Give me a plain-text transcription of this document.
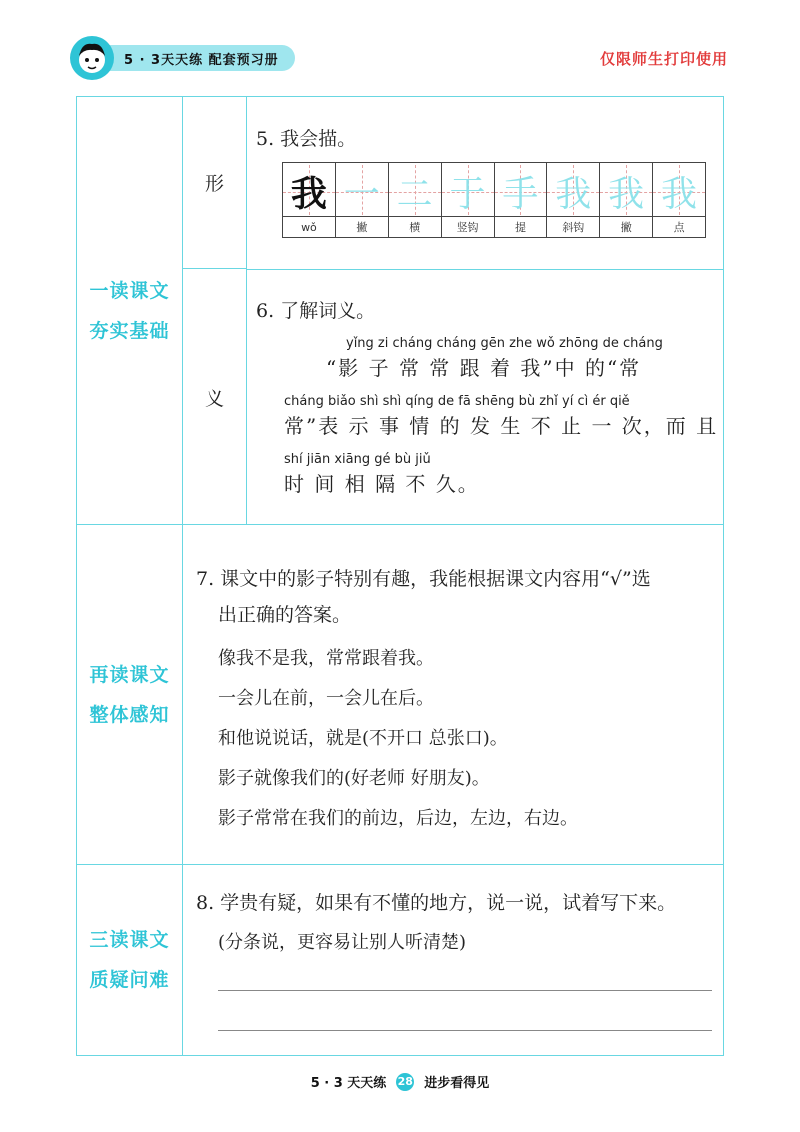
5 · 3天天练 配套预习册	仅限师生打印使用
一读课文
夯实基础
形
义
再读课文
整体感知
三读课文
质疑问难
5. 我会描。
我
wǒ
一
撇
二
横
于
竖钩
手
提
我
斜钩
我
撇
我
点
6. 了解词义。
yǐng zi cháng cháng gēn zhe wǒ zhōng de cháng
“影 子 常 常 跟 着 我”中 的“常
cháng biǎo shì shì qíng de fā shēng bù zhǐ yí cì ér qiě
常”表 示 事 情 的 发 生 不 止 一 次，而 且
shí jiān xiāng gé bù jiǔ
时 间 相 隔 不 久。
7. 课文中的影子特别有趣，我能根据课文内容用“√”选
出正确的答案。
像我不是我，常常跟着我。
一会儿在前，一会儿在后。
和他说说话，就是(不开口 总张口)。
影子就像我们的(好老师 好朋友)。
影子常常在我们的前边，后边，左边，右边。
8. 学贵有疑，如果有不懂的地方，说一说，试着写下来。
(分条说，更容易让别人听清楚)
5 · 3 天天练 28 进步看得见
